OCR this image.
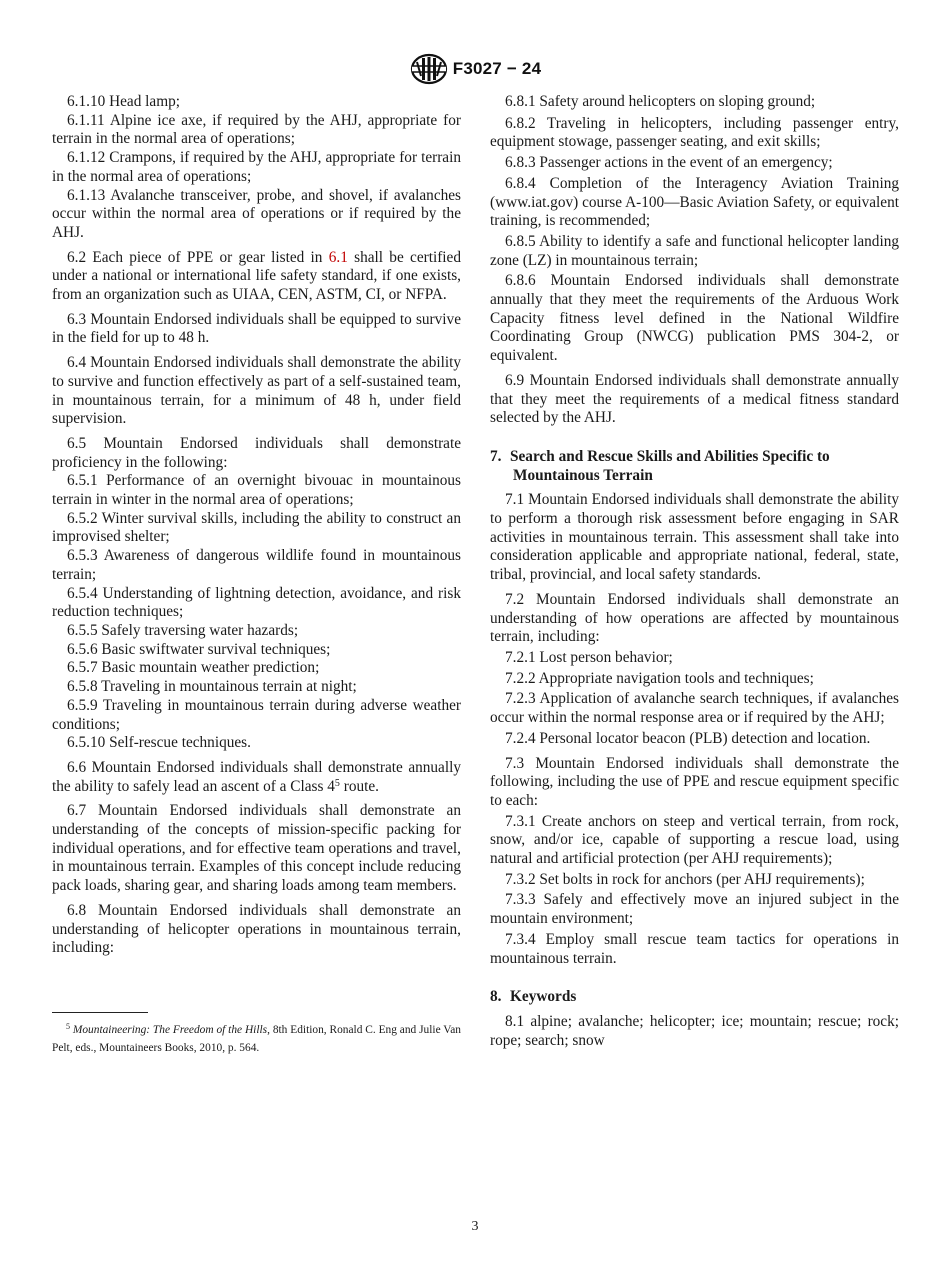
F3027 − 24

6.1.10 Head lamp;

6.1.11 Alpine ice axe, if required by the AHJ, appropriate for terrain in the normal area of operations;

6.1.12 Crampons, if required by the AHJ, appropriate for terrain in the normal area of operations;

6.1.13 Avalanche transceiver, probe, and shovel, if avalanches occur within the normal area of operations or if required by the AHJ.

6.2 Each piece of PPE or gear listed in 6.1 shall be certified under a national or international life safety standard, if one exists, from an organization such as UIAA, CEN, ASTM, CI, or NFPA.

6.3 Mountain Endorsed individuals shall be equipped to survive in the field for up to 48 h.

6.4 Mountain Endorsed individuals shall demonstrate the ability to survive and function effectively as part of a self-sustained team, in mountainous terrain, for a minimum of 48 h, under field supervision.

6.5 Mountain Endorsed individuals shall demonstrate proficiency in the following:

6.5.1 Performance of an overnight bivouac in mountainous terrain in winter in the normal area of operations;

6.5.2 Winter survival skills, including the ability to construct an improvised shelter;

6.5.3 Awareness of dangerous wildlife found in mountainous terrain;

6.5.4 Understanding of lightning detection, avoidance, and risk reduction techniques;

6.5.5 Safely traversing water hazards;

6.5.6 Basic swiftwater survival techniques;

6.5.7 Basic mountain weather prediction;

6.5.8 Traveling in mountainous terrain at night;

6.5.9 Traveling in mountainous terrain during adverse weather conditions;

6.5.10 Self-rescue techniques.

6.6 Mountain Endorsed individuals shall demonstrate annually the ability to safely lead an ascent of a Class $4^5$ route.

6.7 Mountain Endorsed individuals shall demonstrate an understanding of the concepts of mission-specific packing for individual operations, and for effective team operations and travel, in mountainous terrain. Examples of this concept include reducing pack loads, sharing gear, and sharing loads among team members.

6.8 Mountain Endorsed individuals shall demonstrate an understanding of helicopter operations in mountainous terrain, including:

$^5$ Mountaineering: The Freedom of the Hills, 8th Edition, Ronald C. Eng and Julie Van Pelt, eds., Mountaineers Books, 2010, p. 564.

6.8.1 Safety around helicopters on sloping ground;

6.8.2 Traveling in helicopters, including passenger entry, equipment stowage, passenger seating, and exit skills;

6.8.3 Passenger actions in the event of an emergency;

6.8.4 Completion of the Interagency Aviation Training (www.iat.gov) course A-100—Basic Aviation Safety, or equivalent training, is recommended;

6.8.5 Ability to identify a safe and functional helicopter landing zone (LZ) in mountainous terrain;

6.8.6 Mountain Endorsed individuals shall demonstrate annually that they meet the requirements of the Arduous Work Capacity fitness level defined in the National Wildfire Coordinating Group (NWCG) publication PMS 304-2, or equivalent.

6.9 Mountain Endorsed individuals shall demonstrate annually that they meet the requirements of a medical fitness standard selected by the AHJ.

7. Search and Rescue Skills and Abilities Specific to Mountainous Terrain

7.1 Mountain Endorsed individuals shall demonstrate the ability to perform a thorough risk assessment before engaging in SAR activities in mountainous terrain. This assessment shall take into consideration applicable and appropriate national, federal, state, tribal, provincial, and local safety standards.

7.2 Mountain Endorsed individuals shall demonstrate an understanding of how operations are affected by mountainous terrain, including:

7.2.1 Lost person behavior;

7.2.2 Appropriate navigation tools and techniques;

7.2.3 Application of avalanche search techniques, if avalanches occur within the normal response area or if required by the AHJ;

7.2.4 Personal locator beacon (PLB) detection and location.

7.3 Mountain Endorsed individuals shall demonstrate the following, including the use of PPE and rescue equipment specific to each:

7.3.1 Create anchors on steep and vertical terrain, from rock, snow, and/or ice, capable of supporting a rescue load, using natural and artificial protection (per AHJ requirements);

7.3.2 Set bolts in rock for anchors (per AHJ requirements);

7.3.3 Safely and effectively move an injured subject in the mountain environment;

7.3.4 Employ small rescue team tactics for operations in mountainous terrain.

8. Keywords

8.1 alpine; avalanche; helicopter; ice; mountain; rescue; rock; rope; search; snow

3
